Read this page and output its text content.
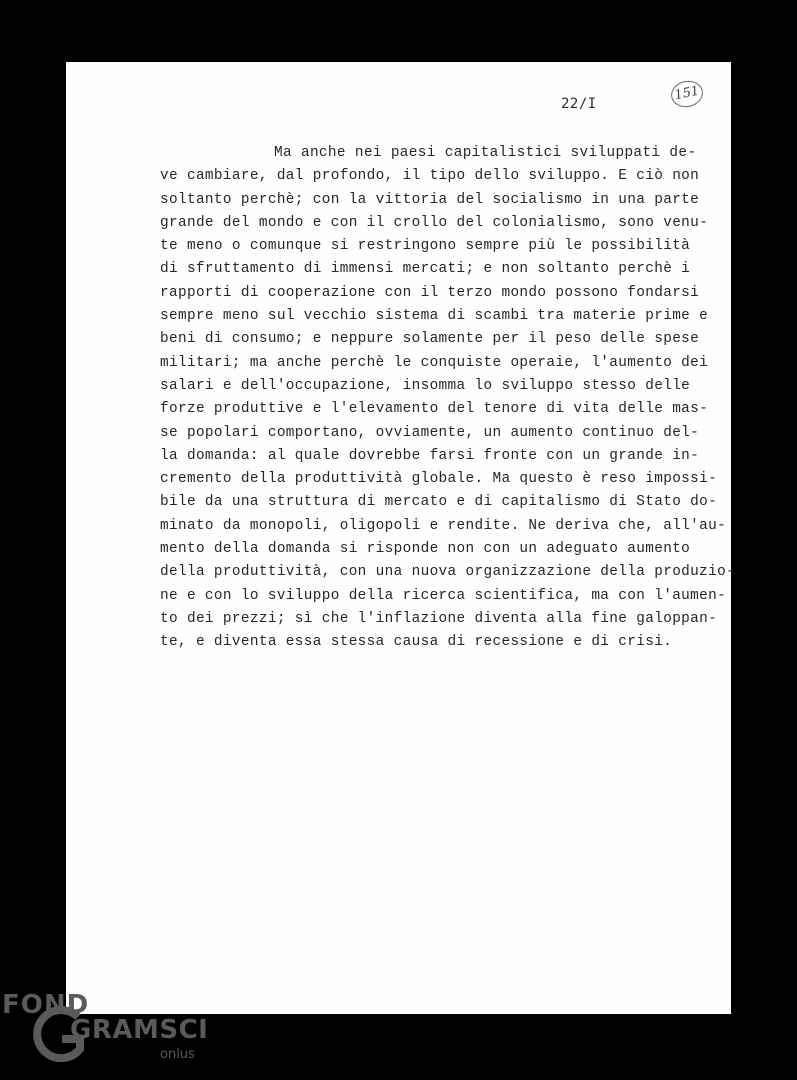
22/I
151
Ma anche nei paesi capitalistici sviluppati de-
ve cambiare, dal profondo, il tipo dello sviluppo. E ciò non
soltanto perchè; con la vittoria del socialismo in una parte
grande del mondo e con il crollo del colonialismo, sono venu-
te meno o comunque si restringono sempre più le possibilità
di sfruttamento di immensi mercati; e non soltanto perchè i
rapporti di cooperazione con il terzo mondo possono fondarsi
sempre meno sul vecchio sistema di scambi tra materie prime e
beni di consumo; e neppure solamente per il peso delle spese
militari; ma anche perchè le conquiste operaie, l'aumento dei
salari e dell'occupazione, insomma lo sviluppo stesso delle
forze produttive e l'elevamento del tenore di vita delle mas-
se popolari comportano, ovviamente, un aumento continuo del-
la domanda: al quale dovrebbe farsi fronte con un grande in-
cremento della produttività globale. Ma questo è reso impossi-
bile da una struttura di mercato e di capitalismo di Stato do-
minato da monopoli, oligopoli e rendite. Ne deriva che, all'au-
mento della domanda si risponde non con un adeguato aumento
della produttività, con una nuova organizzazione della produzio-
ne e con lo sviluppo della ricerca scientifica, ma con l'aumen-
to dei prezzi; sì che l'inflazione diventa alla fine galoppan-
te, e diventa essa stessa causa di recessione e di crisi.
FOND
GRAMSCI
onlus
